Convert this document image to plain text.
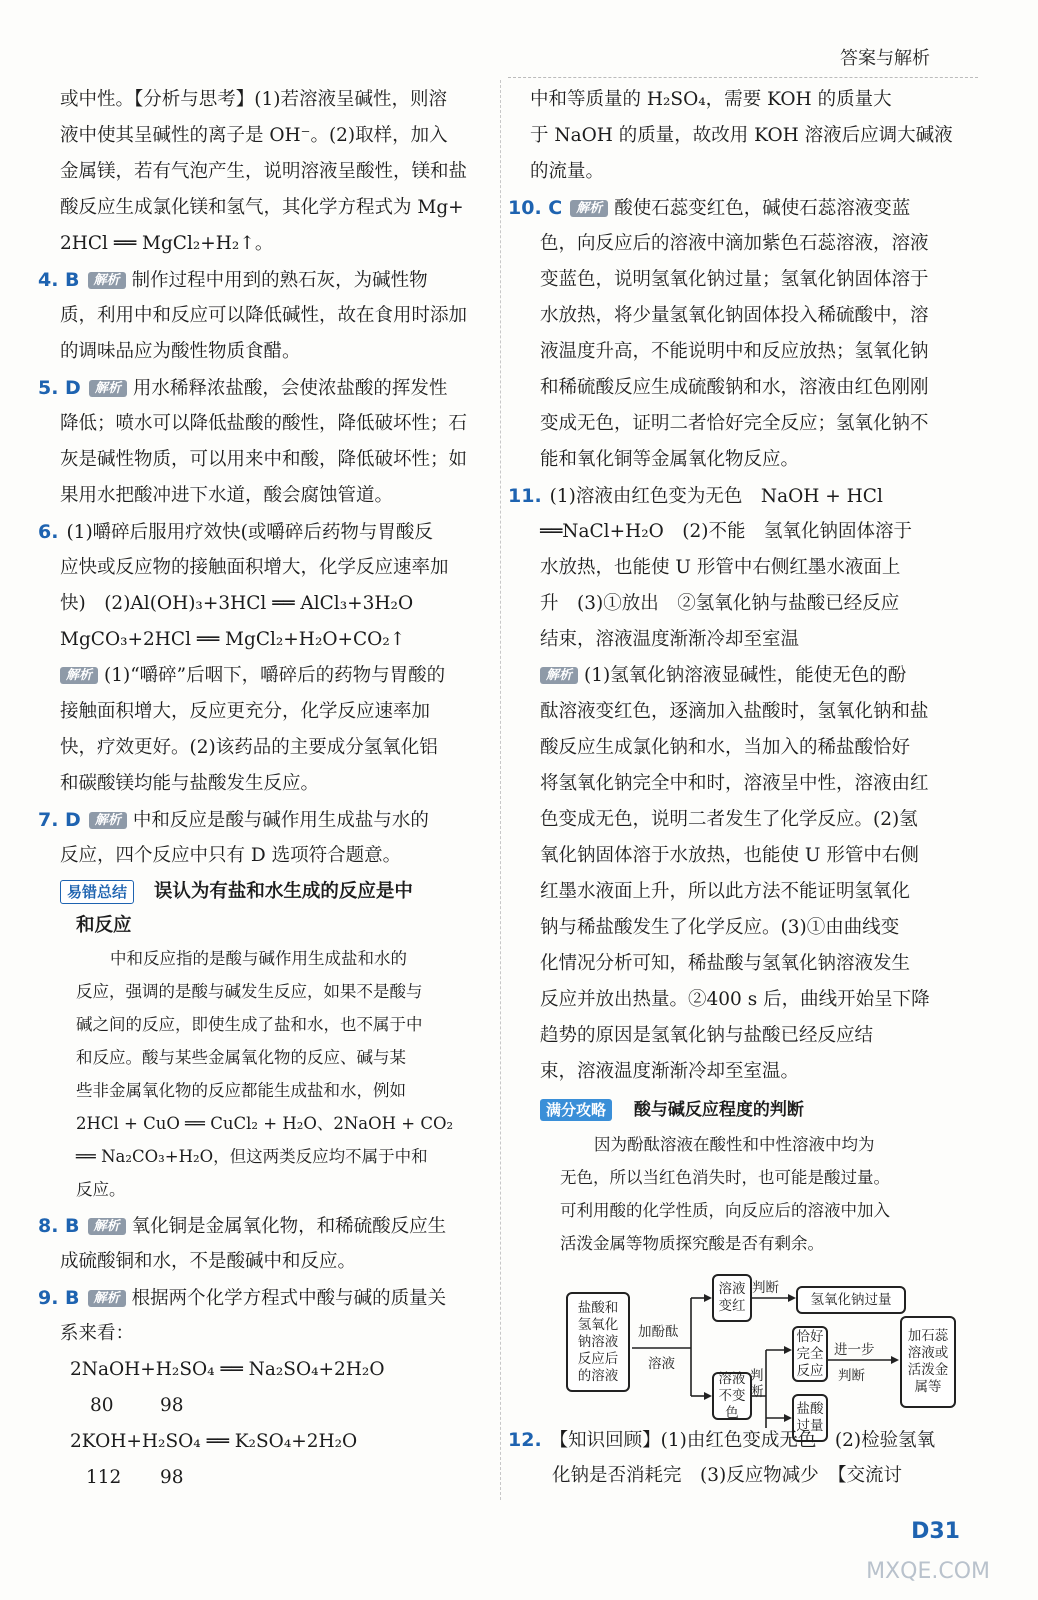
答案与解析
或中性。【分析与思考】(1)若溶液呈碱性，则溶
液中使其呈碱性的离子是 OH⁻。(2)取样，加入
金属镁，若有气泡产生，说明溶液呈酸性，镁和盐
酸反应生成氯化镁和氢气，其化学方程式为 Mg+
2HCl ══ MgCl₂+H₂↑。
4. B 解析 制作过程中用到的熟石灰，为碱性物
质，利用中和反应可以降低碱性，故在食用时添加
的调味品应为酸性物质食醋。
5. D 解析 用水稀释浓盐酸，会使浓盐酸的挥发性
降低；喷水可以降低盐酸的酸性，降低破坏性；石
灰是碱性物质，可以用来中和酸，降低破坏性；如
果用水把酸冲进下水道，酸会腐蚀管道。
6. (1)嚼碎后服用疗效快(或嚼碎后药物与胃酸反
应快或反应物的接触面积增大，化学反应速率加
快)　(2)Al(OH)₃+3HCl ══ AlCl₃+3H₂O
MgCO₃+2HCl ══ MgCl₂+H₂O+CO₂↑
解析 (1)“嚼碎”后咽下，嚼碎后的药物与胃酸的
接触面积增大，反应更充分，化学反应速率加
快，疗效更好。(2)该药品的主要成分氢氧化铝
和碳酸镁均能与盐酸发生反应。
7. D 解析 中和反应是酸与碱作用生成盐与水的
反应，四个反应中只有 D 选项符合题意。
易错总结 误认为有盐和水生成的反应是中
和反应
中和反应指的是酸与碱作用生成盐和水的
反应，强调的是酸与碱发生反应，如果不是酸与
碱之间的反应，即使生成了盐和水，也不属于中
和反应。酸与某些金属氧化物的反应、碱与某
些非金属氧化物的反应都能生成盐和水，例如
2HCl + CuO ══ CuCl₂ + H₂O、2NaOH + CO₂
══ Na₂CO₃+H₂O，但这两类反应均不属于中和
反应。
8. B 解析 氧化铜是金属氧化物，和稀硫酸反应生
成硫酸铜和水，不是酸碱中和反应。
9. B 解析 根据两个化学方程式中酸与碱的质量关
系来看：
2NaOH+H₂SO₄ ══ Na₂SO₄+2H₂O
80	98
2KOH+H₂SO₄ ══ K₂SO₄+2H₂O
112 98
中和等质量的 H₂SO₄，需要 KOH 的质量大
于 NaOH 的质量，故改用 KOH 溶液后应调大碱液
的流量。
10. C 解析 酸使石蕊变红色，碱使石蕊溶液变蓝
色，向反应后的溶液中滴加紫色石蕊溶液，溶液
变蓝色，说明氢氧化钠过量；氢氧化钠固体溶于
水放热，将少量氢氧化钠固体投入稀硫酸中，溶
液温度升高，不能说明中和反应放热；氢氧化钠
和稀硫酸反应生成硫酸钠和水，溶液由红色刚刚
变成无色，证明二者恰好完全反应；氢氧化钠不
能和氧化铜等金属氧化物反应。
11. (1)溶液由红色变为无色　NaOH + HCl
══NaCl+H₂O　(2)不能　氢氧化钠固体溶于
水放热，也能使 U 形管中右侧红墨水液面上
升　(3)①放出　②氢氧化钠与盐酸已经反应
结束，溶液温度渐渐冷却至室温
解析 (1)氢氧化钠溶液显碱性，能使无色的酚
酞溶液变红色，逐滴加入盐酸时，氢氧化钠和盐
酸反应生成氯化钠和水，当加入的稀盐酸恰好
将氢氧化钠完全中和时，溶液呈中性，溶液由红
色变成无色，说明二者发生了化学反应。(2)氢
氧化钠固体溶于水放热，也能使 U 形管中右侧
红墨水液面上升，所以此方法不能证明氢氧化
钠与稀盐酸发生了化学反应。(3)①由曲线变
化情况分析可知，稀盐酸与氢氧化钠溶液发生
反应并放出热量。②400 s 后，曲线开始呈下降
趋势的原因是氢氧化钠与盐酸已经反应结
束，溶液温度渐渐冷却至室温。
满分攻略 酸与碱反应程度的判断
因为酚酞溶液在酸性和中性溶液中均为
无色，所以当红色消失时，也可能是酸过量。
可利用酸的化学性质，向反应后的溶液中加入
活泼金属等物质探究酸是否有剩余。
盐酸和氢氧化钠溶液反应后的溶液
加酚酞
溶液
溶液变红
判断
氢氧化钠过量
溶液不变色
判断
恰好完全反应
盐酸过量
进一步
判断
加石蕊溶液或活泼金属等
12. 【知识回顾】(1)由红色变成无色　(2)检验氢氧
化钠是否消耗完　(3)反应物减少　【交流讨
D31
MXQE.COM
